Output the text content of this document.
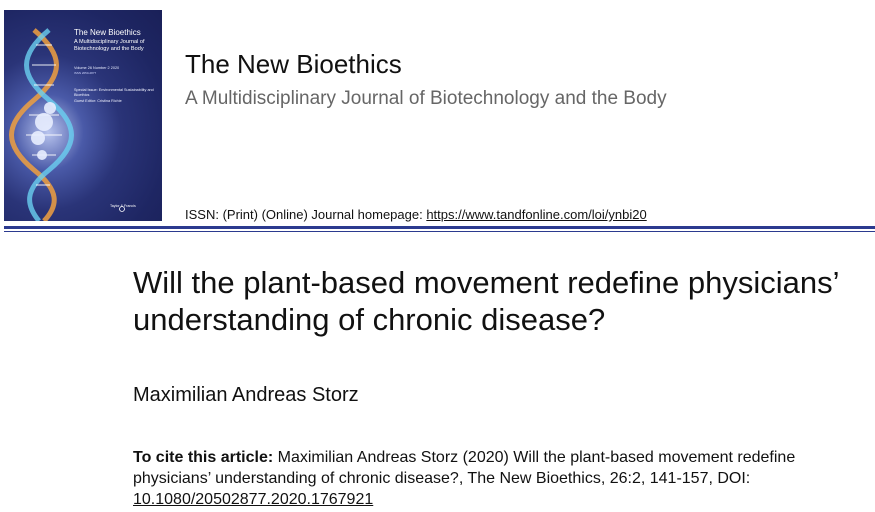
The New Bioethics
A Multidisciplinary Journal of Biotechnology and the Body
Volume 26 Number 2 2020
ISSN 2050-2877
Special Issue: Environmental Sustainability and Bioethics
Guest Editor: Cristina Richie
Taylor & Francis
The New Bioethics
A Multidisciplinary Journal of Biotechnology and the Body
ISSN: (Print) (Online) Journal homepage: https://www.tandfonline.com/loi/ynbi20
Will the plant-based movement redefine physicians’ understanding of chronic disease?
Maximilian Andreas Storz
To cite this article: Maximilian Andreas Storz (2020) Will the plant-based movement redefine physicians’ understanding of chronic disease?, The New Bioethics, 26:2, 141-157, DOI: 10.1080/20502877.2020.1767921
